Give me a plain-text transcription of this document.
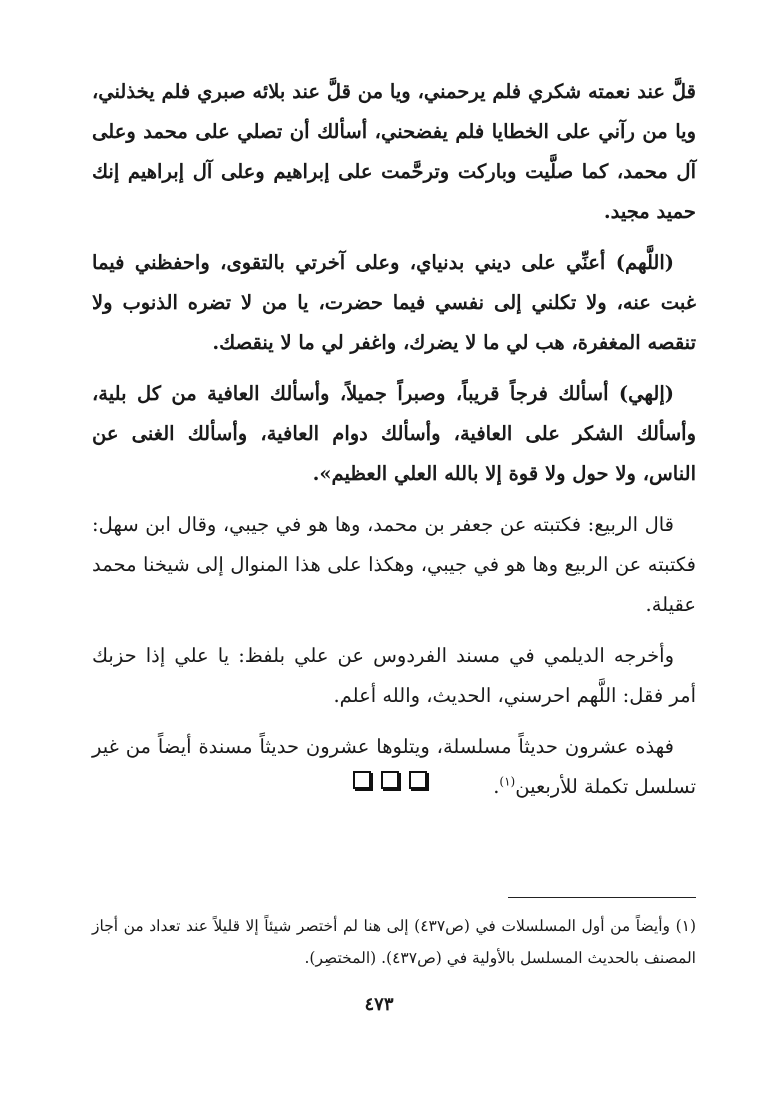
قلَّ عند نعمته شكري فلم يرحمني، ويا من قلَّ عند بلائه صبري فلم يخذلني، ويا من رآني على الخطايا فلم يفضحني، أسألك أن تصلي على محمد وعلى آل محمد، كما صلَّيت وباركت وترحَّمت على إبراهيم وعلى آل إبراهيم إنك حميد مجيد.

(اللَّهم) أعنِّي على ديني بدنياي، وعلى آخرتي بالتقوى، واحفظني فيما غبت عنه، ولا تكلني إلى نفسي فيما حضرت، يا من لا تضره الذنوب ولا تنقصه المغفرة، هب لي ما لا يضرك، واغفر لي ما لا ينقصك.

(إلهي) أسألك فرجاً قريباً، وصبراً جميلاً، وأسألك العافية من كل بلية، وأسألك الشكر على العافية، وأسألك دوام العافية، وأسألك الغنى عن الناس، ولا حول ولا قوة إلا بالله العلي العظيم».

قال الربيع: فكتبته عن جعفر بن محمد، وها هو في جيبي، وقال ابن سهل: فكتبته عن الربيع وها هو في جيبي، وهكذا على هذا المنوال إلى شيخنا محمد عقيلة.

وأخرجه الديلمي في مسند الفردوس عن علي بلفظ: يا علي إذا حزبك أمر فقل: اللَّهم احرسني، الحديث، والله أعلم.

فهذه عشرون حديثاً مسلسلة، ويتلوها عشرون حديثاً مسندة أيضاً من غير تسلسل تكملة للأربعين$^{(١)}$.

(١) وأيضاً من أول المسلسلات في (ص٤٣٧) إلى هنا لم أختصر شيئاً إلا قليلاً عند تعداد من أجاز المصنف بالحديث المسلسل بالأولية في (ص٤٣٧). (المختصِر).

٤٧٣
